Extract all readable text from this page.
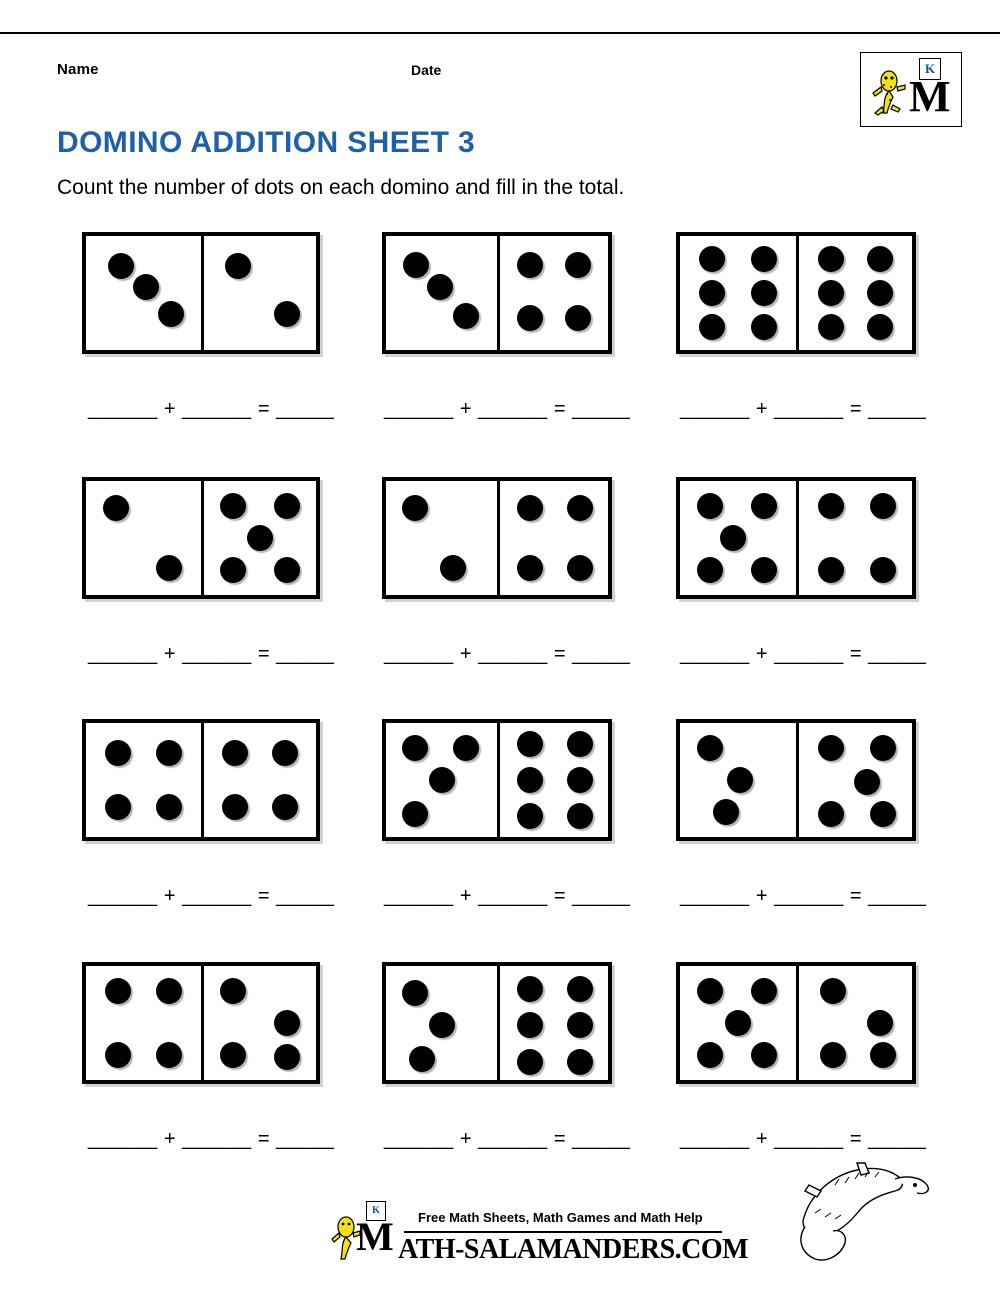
Name	Date	K
M
DOMINO ADDITION SHEET 3
Count the number of dots on each domino and fill in the total.
______ + ______ = _____ ______ + ______ = _____ ______ + ______ = _____
______ + ______ = _____ ______ + ______ = _____ ______ + ______ = _____
______ + ______ = _____ ______ + ______ = _____ ______ + ______ = _____
______ + ______ = _____ ______ + ______ = _____ ______ + ______ = _____
K
M Free Math Sheets, Math Games and Math Help
ATH-SALAMANDERS.COM
